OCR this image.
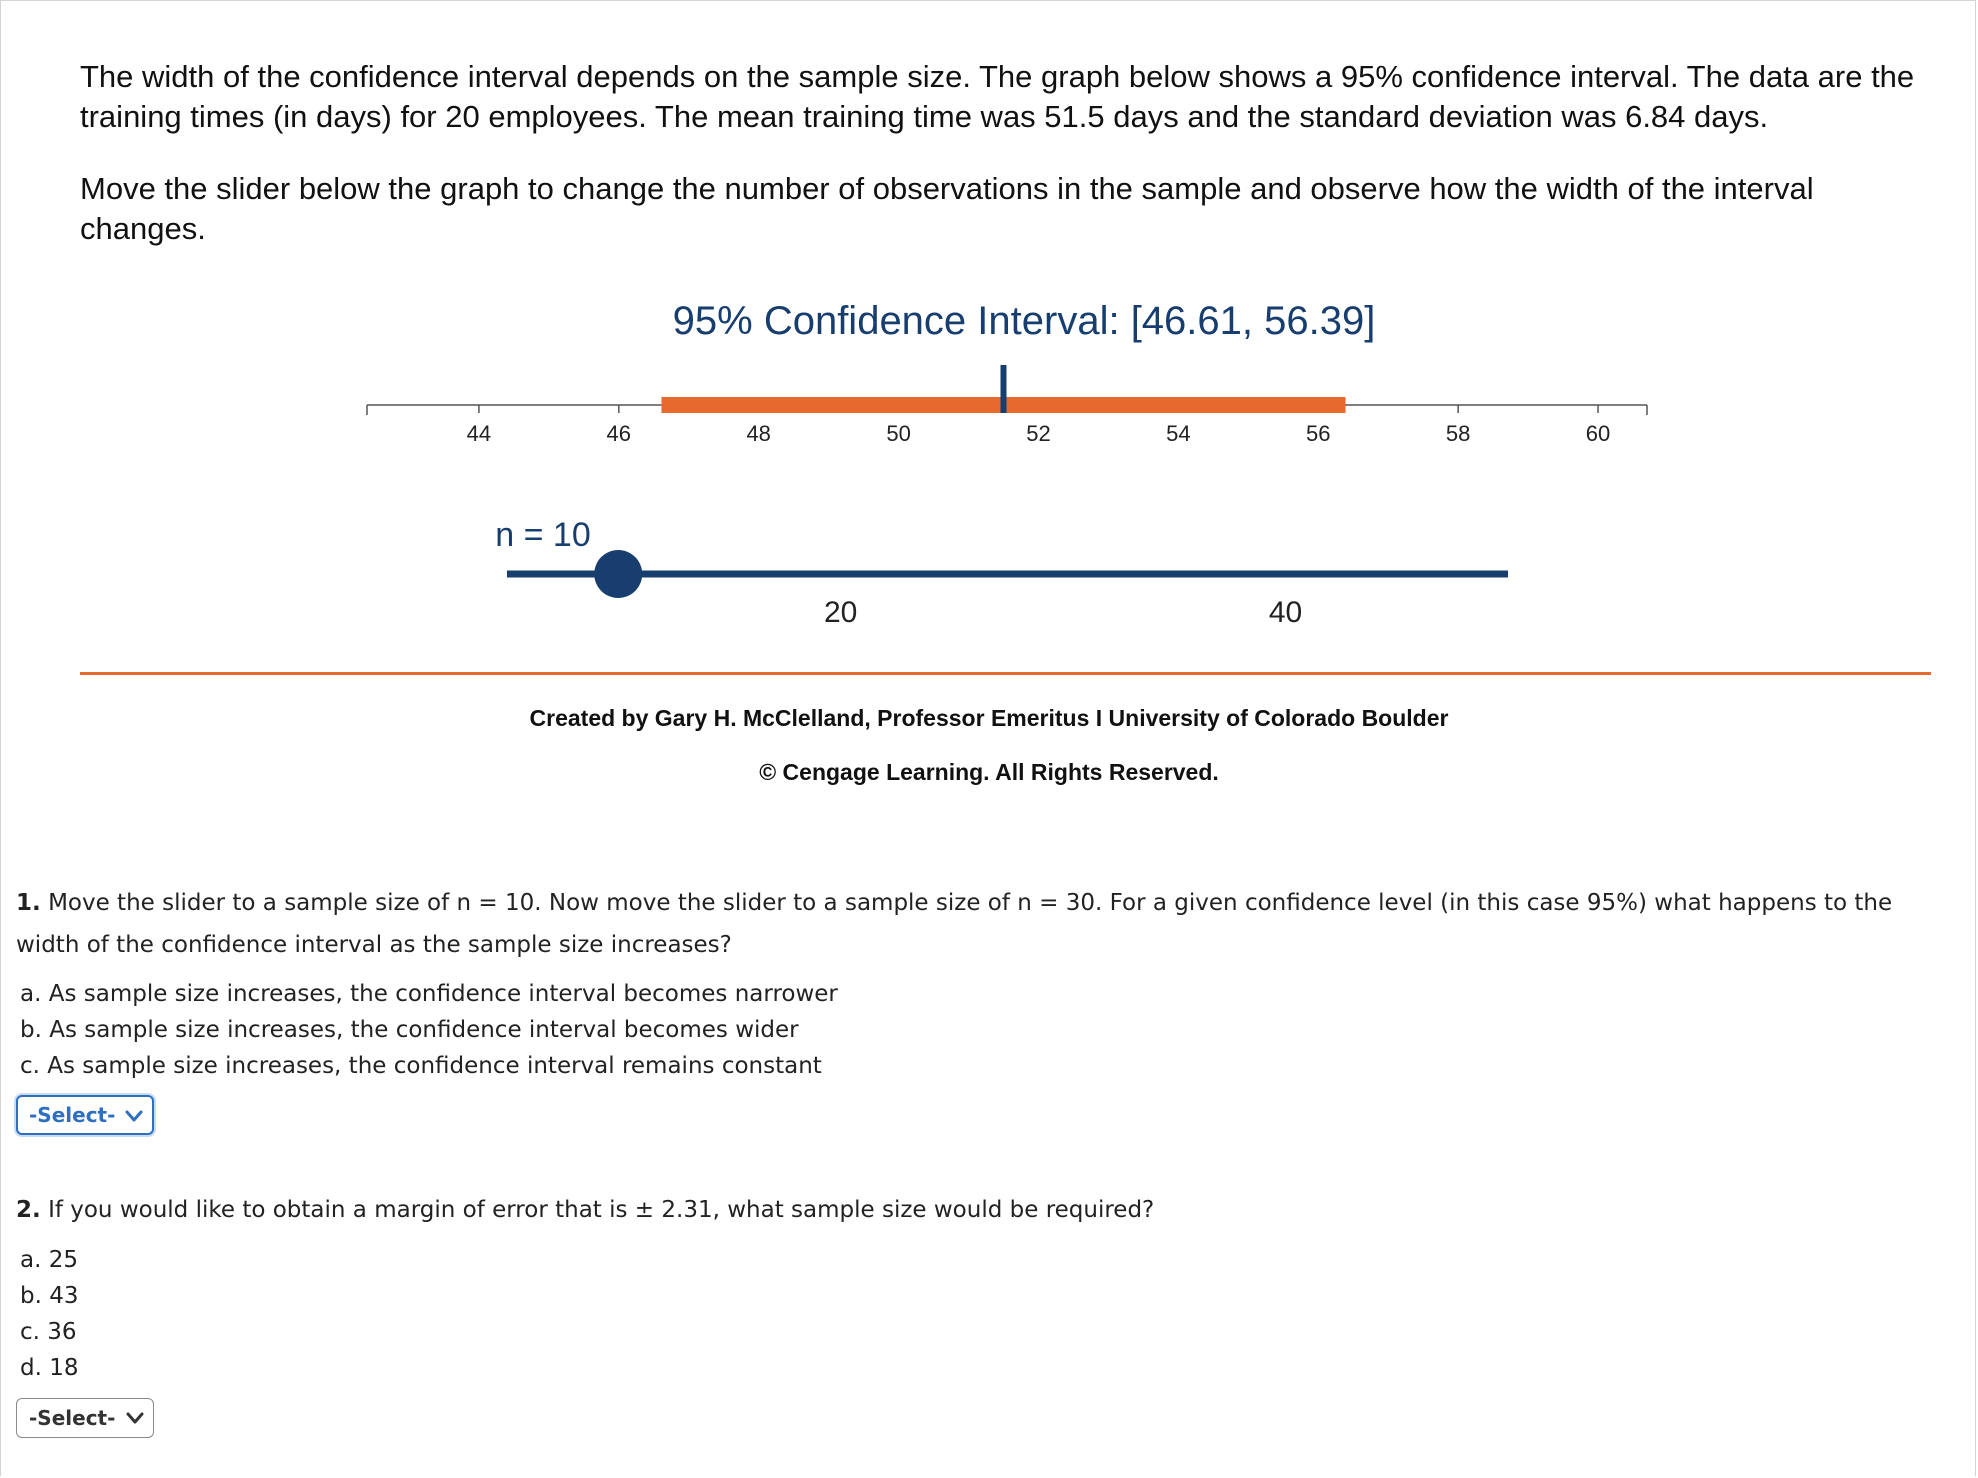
The width of the confidence interval depends on the sample size. The graph below shows a 95% confidence interval. The data are the training times (in days) for 20 employees. The mean training time was 51.5 days and the standard deviation was 6.84 days.

Move the slider below the graph to change the number of observations in the sample and observe how the width of the interval changes.

95% Confidence Interval: [46.61, 56.39]
44	46	48	50	52	54	56	58	60
n = 10
20	40
Created by Gary H. McClelland, Professor Emeritus I University of Colorado Boulder
© Cengage Learning. All Rights Reserved.
1. Move the slider to a sample size of n = 10. Now move the slider to a sample size of n = 30. For a given confidence level (in this case 95%) what happens to the width of the confidence interval as the sample size increases?
a. As sample size increases, the confidence interval becomes narrower
b. As sample size increases, the confidence interval becomes wider
c. As sample size increases, the confidence interval remains constant
-Select-
2. If you would like to obtain a margin of error that is ± 2.31, what sample size would be required?
a. 25
b. 43
c. 36
d. 18
-Select-
